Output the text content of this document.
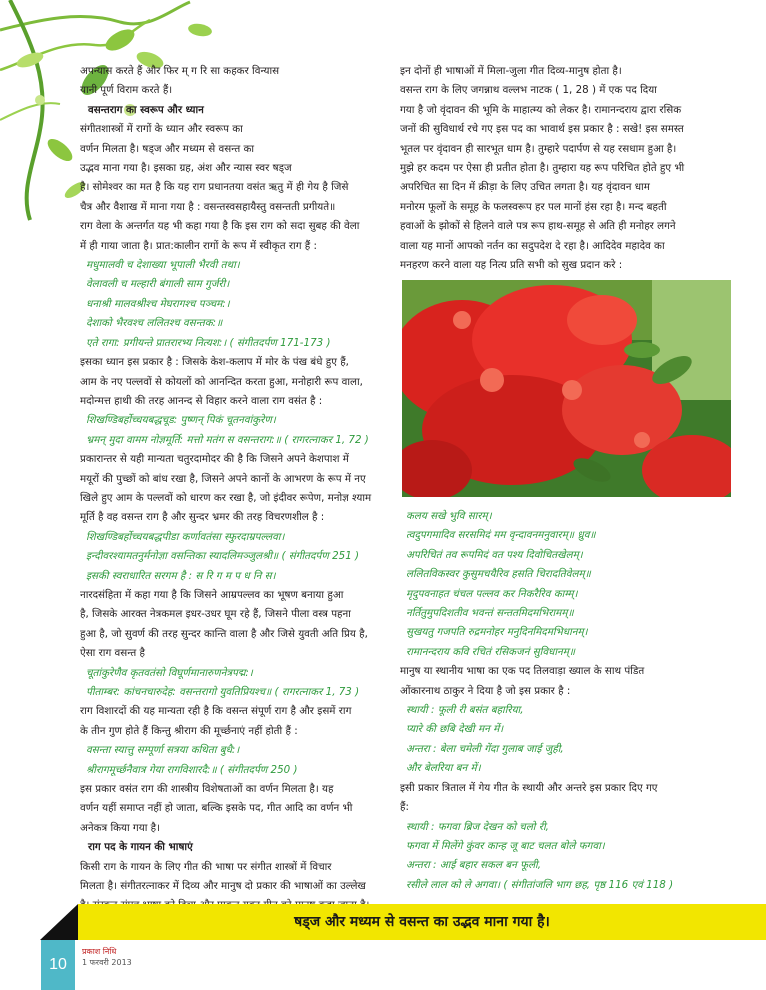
अपन्यास करते हैं और फिर म् ग रि सा कहकर विन्यास
यानी पूर्ण विराम करते हैं।
वसन्तराग का स्वरूप और ध्यान
संगीतशास्त्रों में रागों के ध्यान और स्वरूप का
वर्णन मिलता है। षड्ज और मध्यम से वसन्त का
उद्भव माना गया है। इसका ग्रह, अंश और न्यास स्वर षड्ज
है। सोमेश्वर का मत है कि यह राग प्रधानतया वसंत ऋतु में ही गेय है जिसे
चैत्र और वैशाख में माना गया है : वसन्तस्वसहायैस्तु वसन्तती प्रगीयते॥
राग वेला के अन्तर्गत यह भी कहा गया है कि इस राग को सदा सुबह की वेला
में ही गाया जाता है। प्रात:कालीन रागों के रूप में स्वीकृत राग हैं :
मधुमालवी च देशाख्या भूपाली भैरवी तथा।
वेलावली च मल्हारी बंगाली साम गुर्जरी।
धनाश्री मालवश्रीश्च मेघरागश्च पञ्चम:।
देशाको भैरवश्च ललितश्च वसन्तक:॥
एते रागा: प्रगीयन्ते प्रातरारभ्य नित्यश:। ( संगीतदर्पण 171-173 )
इसका ध्यान इस प्रकार है : जिसके केश-कलाप में मोर के पंख बंधे हुए हैं,
आम के नए पल्लवों से कोयलों को आनन्दित करता हुआ, मनोहारी रूप वाला,
मदोन्मत्त हाथी की तरह आनन्द से विहार करने वाला राग वसंत है :
शिखण्डिबर्होच्चयबद्धचूड: पुष्णन् पिकं चूतनवांकुरेण।
भ्रमन् मुदा वामम नोज्ञमूर्ति: मत्तो मतंग स वसन्तराग:॥ ( रागरत्नाकर 1, 72 )
प्रकारान्तर से यही मान्यता चतुरदामोदर की है कि जिसने अपने केशपाश में
मयूरों की पुच्छों को बांध रखा है, जिसने अपने कानों के आभरण के रूप में नए
खिले हुए आम के पल्लवों को धारण कर रखा है, जो इंदीवर रूपेण, मनोज्ञ श्याम
मूर्ति है वह वसन्त राग है और सुन्दर भ्रमर की तरह विचरणशील है :
शिखण्डिबर्होच्चयबद्धपीडा कर्णावतंसा स्फुरदाम्रपल्लवा।
इन्दीवरश्यामतनुर्मनोज्ञा वसन्तिका स्यादलिमञ्जुलश्री॥ ( संगीतदर्पण 251 )
इसकी स्वराधारित सरगम है : स रि ग म प ध नि स।
नारदसंहिता में कहा गया है कि जिसने आम्रपल्लव का भूषण बनाया हुआ
है, जिसके आरक्त नेत्रकमल इधर-उधर घूम रहे हैं, जिसने पीला वस्त्र पहना
हुआ है, जो सुवर्ण की तरह सुन्दर कान्ति वाला है और जिसे युवती अति प्रिय है,
ऐसा राग वसन्त है
चूतांकुरेणैव कृतवतंसो विघूर्णमानारुणनेत्रपद्म:।
पीताम्बर: कांचनचारुदेह: वसन्तरागो युवतिप्रियश्च॥ ( रागरत्नाकर 1, 73 )
राग विशारदों की यह मान्यता रही है कि वसन्त संपूर्ण राग है और इसमें राग
के तीन गुण होते हैं किन्तु श्रीराग की मूर्च्छनाएं नहीं होती हैं :
वसन्ता स्यात्तु सम्पूर्णा सत्रया कथिता बुधै:।
श्रीरागमूर्च्छनैवात्र गेया रागविशारदै:॥ ( संगीतदर्पण 250 )
इस प्रकार वसंत राग की शास्त्रीय विशेषताओं का वर्णन मिलता है। यह
वर्णन यहीं समाप्त नहीं हो जाता, बल्कि इसके पद, गीत आदि का वर्णन भी
अनेकत्र किया गया है।
राग पद के गायन की भाषाएं
किसी राग के गायन के लिए गीत की भाषा पर संगीत शास्त्रों में विचार
मिलता है। संगीतरत्नाकर में दिव्य और मानुष दो प्रकार की भाषाओं का उल्लेख
इन दोनों ही भाषाओं में मिला-जुला गीत दिव्य-मानुष होता है।
वसन्त राग के लिए जगन्नाथ वल्लभ नाटक ( 1, 28 ) में एक पद दिया
गया है जो वृंदावन की भूमि के माहात्म्य को लेकर है। रामानन्दराय द्वारा रसिक
जनों की सुविधार्थ रचे गए इस पद का भावार्थ इस प्रकार है : सखे! इस समस्त
भूतल पर वृंदावन ही सारभूत धाम है। तुम्हारे पदार्पण से यह रसधाम हुआ है।
मुझे हर कदम पर ऐसा ही प्रतीत होता है। तुम्हारा यह रूप परिचित होते हुए भी
अपरिचित सा दिन में क्रीड़ा के लिए उचित लगता है। यह वृंदावन धाम
मनोरम फूलों के समूह के फलस्वरूप हर पल मानों हंस रहा है। मन्द बहती
हवाओं के झोकों से हिलने वाले पत्र रूप हाथ-समूह से अति ही मनोहर लगने
वाला यह मानों आपको नर्तन का सदुपदेश दे रहा है। आदिदेव महादेव का
मनहरण करने वाला यह नित्य प्रति सभी को सुख प्रदान करे :
कलय सखे भुवि सारम्।
त्वदुपगमादिव सरसमिदं मम वृन्दावनमनुवारम्॥ ध्रुव॥
अपरिचितं तव रूपमिदं वत पश्य दिवोचितखेलम्।
ललितविकस्वर कुसुमचयैरिव हसति चिरादतिवेलम्॥
मृदुपवनाहत चंचल पल्लव कर निकरैरिव काम्म्।
नर्तितुमुपदिशतीव भवन्तं सन्ततमिदमभिरामम्॥
सुखयतु गजपति रुद्रमनोहर मनुदिनमिदमभिधानम्।
रामानन्दराय कवि रचितं रसिकजनं सुविधानम्॥
मानुष या स्थानीय भाषा का एक पद तिलवाड़ा ख्याल के साथ पंडित
ओंकारनाथ ठाकुर ने दिया है जो इस प्रकार है :
स्थायी : फूली री बसंत बहारिया,
प्यारे की छबि देखी मन में।
अन्तरा : बेला चमेली गेंदा गुलाब जाई जुही,
और बेलरिया बन में।
इसी प्रकार त्रिताल में गेय गीत के स्थायी और अन्तरे इस प्रकार दिए गए
हैं:
स्थायी : फगवा ब्रिज देखन को चलो री,
फगवा में मिलेंगे कुंवर कान्ह जू बाट चलत बोले फगवा।
अन्तरा : आई बहार सकल बन फूली,
रसीले लाल को ले अगवा। ( संगीतांजलि भाग छह, पृष्ठ 116 एवं 118 )
षड्ज और मध्यम से वसन्त का उद्भव माना गया है।
10
प्रकाश निधि
1 फरवरी 2013
